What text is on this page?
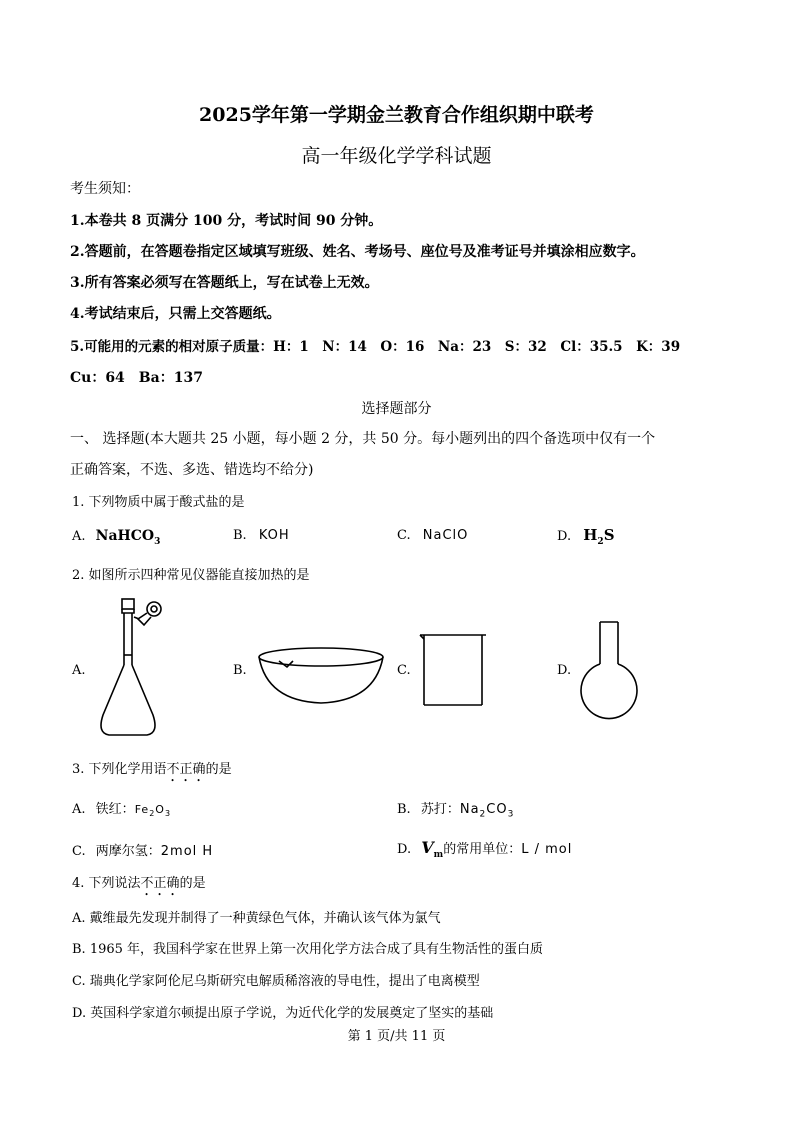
2025学年第一学期金兰教育合作组织期中联考
高一年级化学学科试题
考生须知：
1.本卷共 8 页满分 100 分，考试时间 90 分钟。
2.答题前，在答题卷指定区域填写班级、姓名、考场号、座位号及准考证号并填涂相应数字。
3.所有答案必须写在答题纸上，写在试卷上无效。
4.考试结束后，只需上交答题纸。
5.可能用的元素的相对原子质量：H：1　N：14　O：16　Na：23　S：32　Cl：35.5　K：39
Cu：64　Ba：137
选择题部分
一、 选择题(本大题共 25 小题，每小题 2 分，共 50 分。每小题列出的四个备选项中仅有一个
正确答案，不选、多选、错选均不给分)
1. 下列物质中属于酸式盐的是
A. NaHCO$_3$	B. KOH	C. NaClO	D. $H_2S$
2. 如图所示四种常见仪器能直接加热的是
A.	B.	C.	D.
3. 下列化学用语不正确的是
A. 铁红：$Fe_2O_3$	B. 苏打：$Na_2CO_3$
C. 两摩尔氢：2mol H	D. $V_m$的常用单位：L / mol
4. 下列说法不正确的是
A. 戴维最先发现并制得了一种黄绿色气体，并确认该气体为氯气
B. 1965 年，我国科学家在世界上第一次用化学方法合成了具有生物活性的蛋白质
C. 瑞典化学家阿伦尼乌斯研究电解质稀溶液的导电性，提出了电离模型
D. 英国科学家道尔顿提出原子学说，为近代化学的发展奠定了坚实的基础
第 1 页/共 11 页
